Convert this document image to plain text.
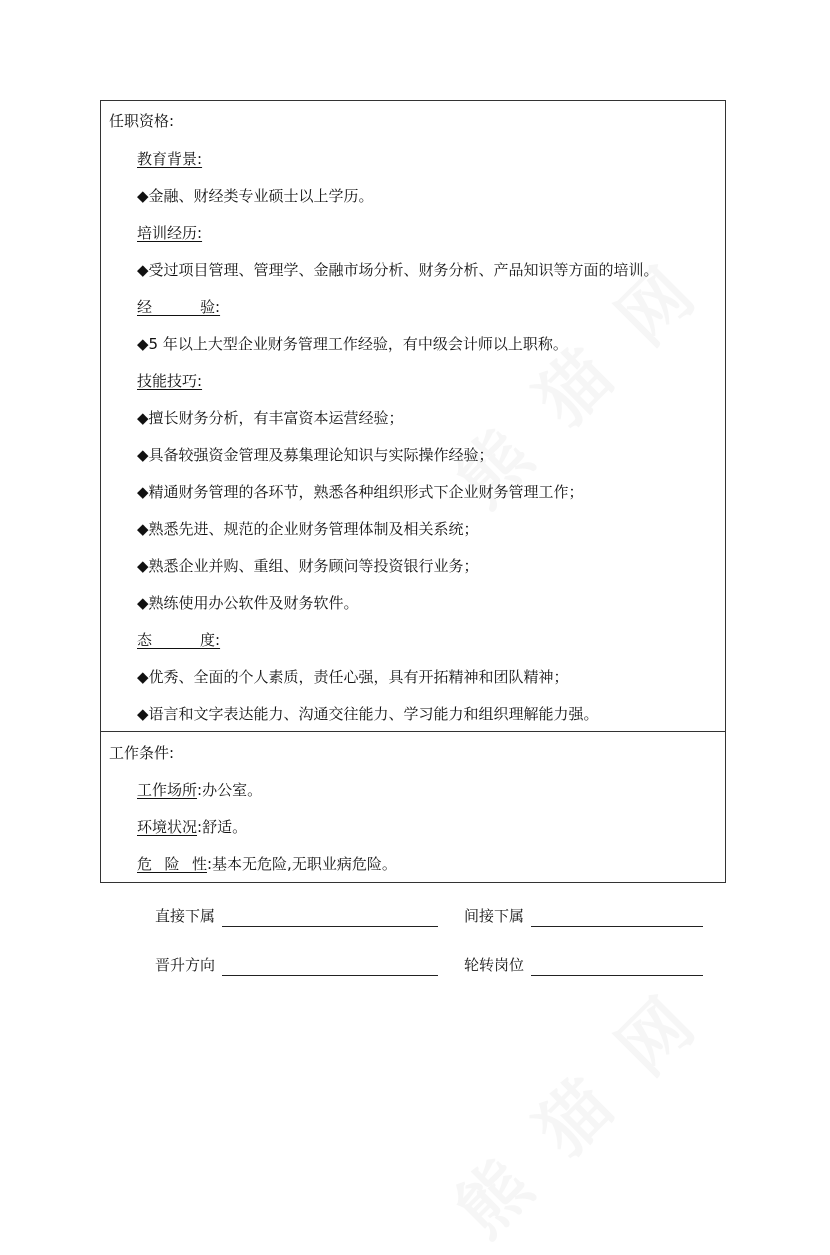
任职资格:
教育背景:
◆金融、财经类专业硕士以上学历。
培训经历:
◆受过项目管理、管理学、金融市场分析、财务分析、产品知识等方面的培训。
经验:
◆5 年以上大型企业财务管理工作经验，有中级会计师以上职称。
技能技巧:
◆擅长财务分析，有丰富资本运营经验；
◆具备较强资金管理及募集理论知识与实际操作经验；
◆精通财务管理的各环节，熟悉各种组织形式下企业财务管理工作；
◆熟悉先进、规范的企业财务管理体制及相关系统；
◆熟悉企业并购、重组、财务顾问等投资银行业务；
◆熟练使用办公软件及财务软件。
态度:
◆优秀、全面的个人素质，责任心强，具有开拓精神和团队精神；
◆语言和文字表达能力、沟通交往能力、学习能力和组织理解能力强。
工作条件:
工作场所:办公室。
环境状况:舒适。
危险性:基本无危险,无职业病危险。
直接下属	间接下属
晋升方向	轮转岗位
